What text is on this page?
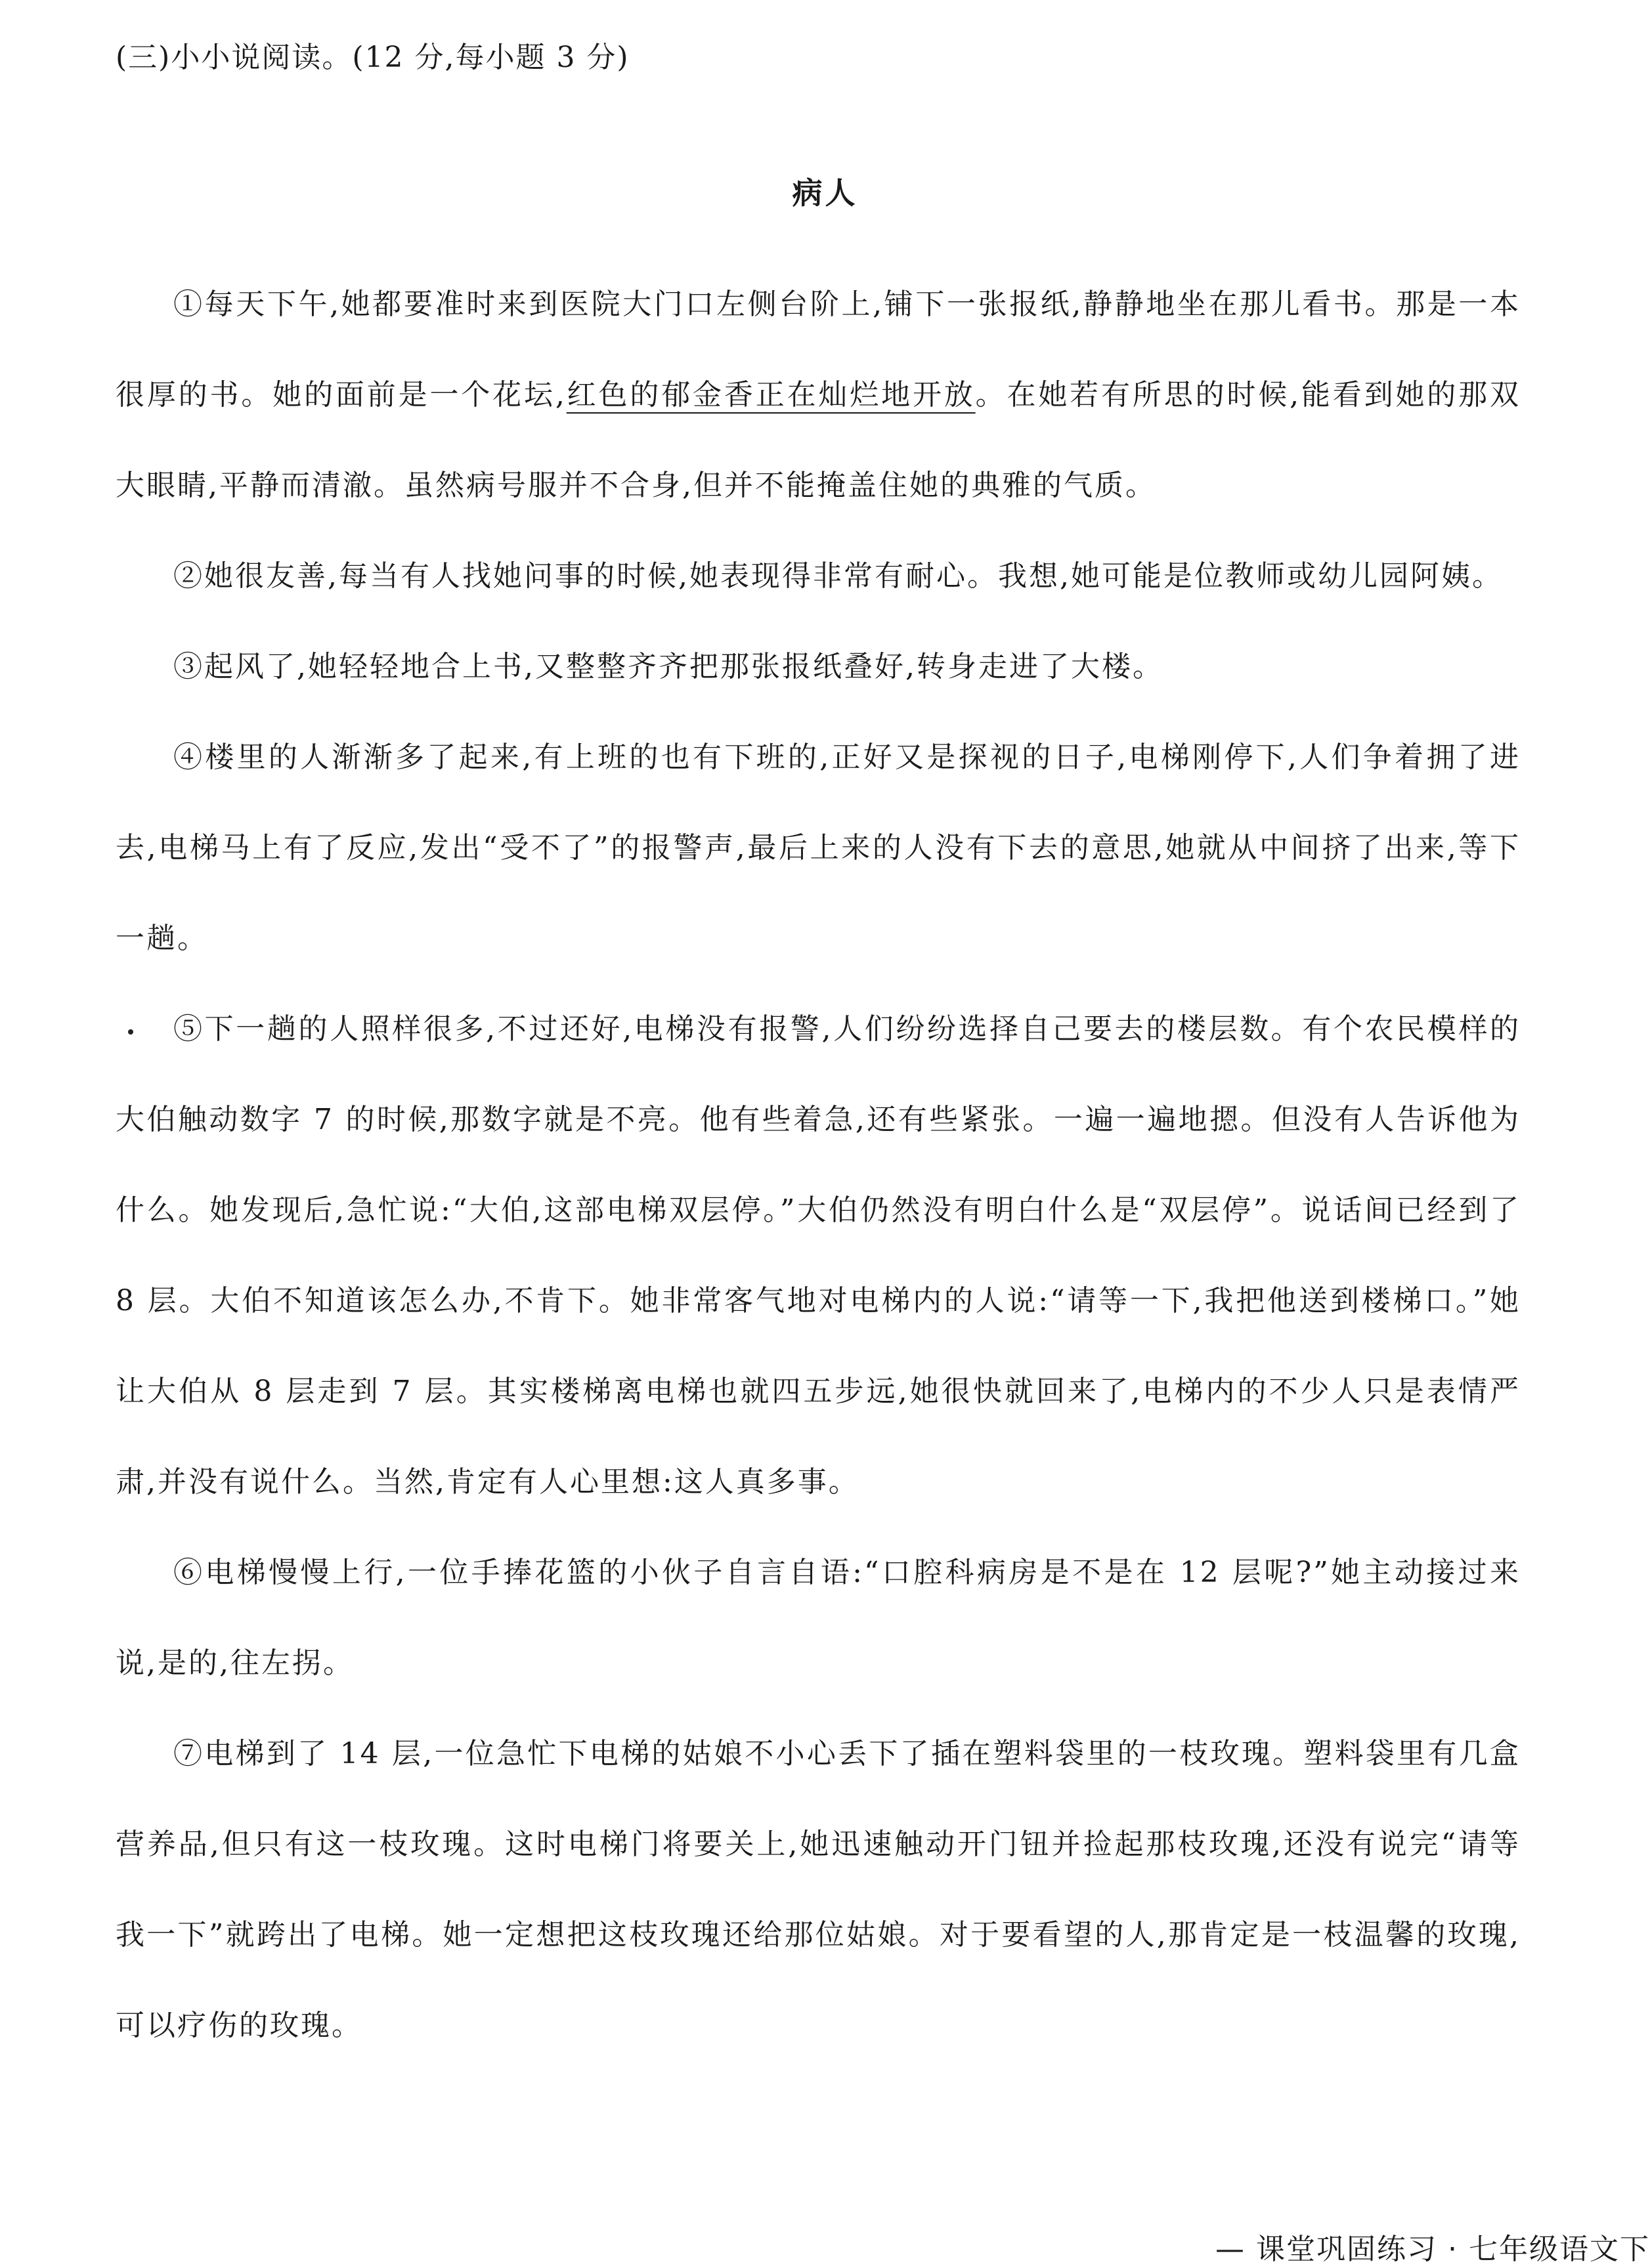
(三)小小说阅读。(12 分,每小题 3 分)
病人

①每天下午,她都要准时来到医院大门口左侧台阶上,铺下一张报纸,静静地坐在那儿看书。那是一本很厚的书。她的面前是一个花坛,红色的郁金香正在灿烂地开放。在她若有所思的时候,能看到她的那双大眼睛,平静而清澈。虽然病号服并不合身,但并不能掩盖住她的典雅的气质。

②她很友善,每当有人找她问事的时候,她表现得非常有耐心。我想,她可能是位教师或幼儿园阿姨。

③起风了,她轻轻地合上书,又整整齐齐把那张报纸叠好,转身走进了大楼。

④楼里的人渐渐多了起来,有上班的也有下班的,正好又是探视的日子,电梯刚停下,人们争着拥了进去,电梯马上有了反应,发出“受不了”的报警声,最后上来的人没有下去的意思,她就从中间挤了出来,等下一趟。

⑤下一趟的人照样很多,不过还好,电梯没有报警,人们纷纷选择自己要去的楼层数。有个农民模样的大伯触动数字 7 的时候,那数字就是不亮。他有些着急,还有些紧张。一遍一遍地摁。但没有人告诉他为什么。她发现后,急忙说:“大伯,这部电梯双层停。”大伯仍然没有明白什么是“双层停”。说话间已经到了 8 层。大伯不知道该怎么办,不肯下。她非常客气地对电梯内的人说:“请等一下,我把他送到楼梯口。”她让大伯从 8 层走到 7 层。其实楼梯离电梯也就四五步远,她很快就回来了,电梯内的不少人只是表情严肃,并没有说什么。当然,肯定有人心里想:这人真多事。

⑥电梯慢慢上行,一位手捧花篮的小伙子自言自语:“口腔科病房是不是在 12 层呢?”她主动接过来说,是的,往左拐。

⑦电梯到了 14 层,一位急忙下电梯的姑娘不小心丢下了插在塑料袋里的一枝玫瑰。塑料袋里有几盒营养品,但只有这一枝玫瑰。这时电梯门将要关上,她迅速触动开门钮并捡起那枝玫瑰,还没有说完“请等我一下”就跨出了电梯。她一定想把这枝玫瑰还给那位姑娘。对于要看望的人,那肯定是一枝温馨的玫瑰,可以疗伤的玫瑰。

— 课堂巩固练习 · 七年级语文下
